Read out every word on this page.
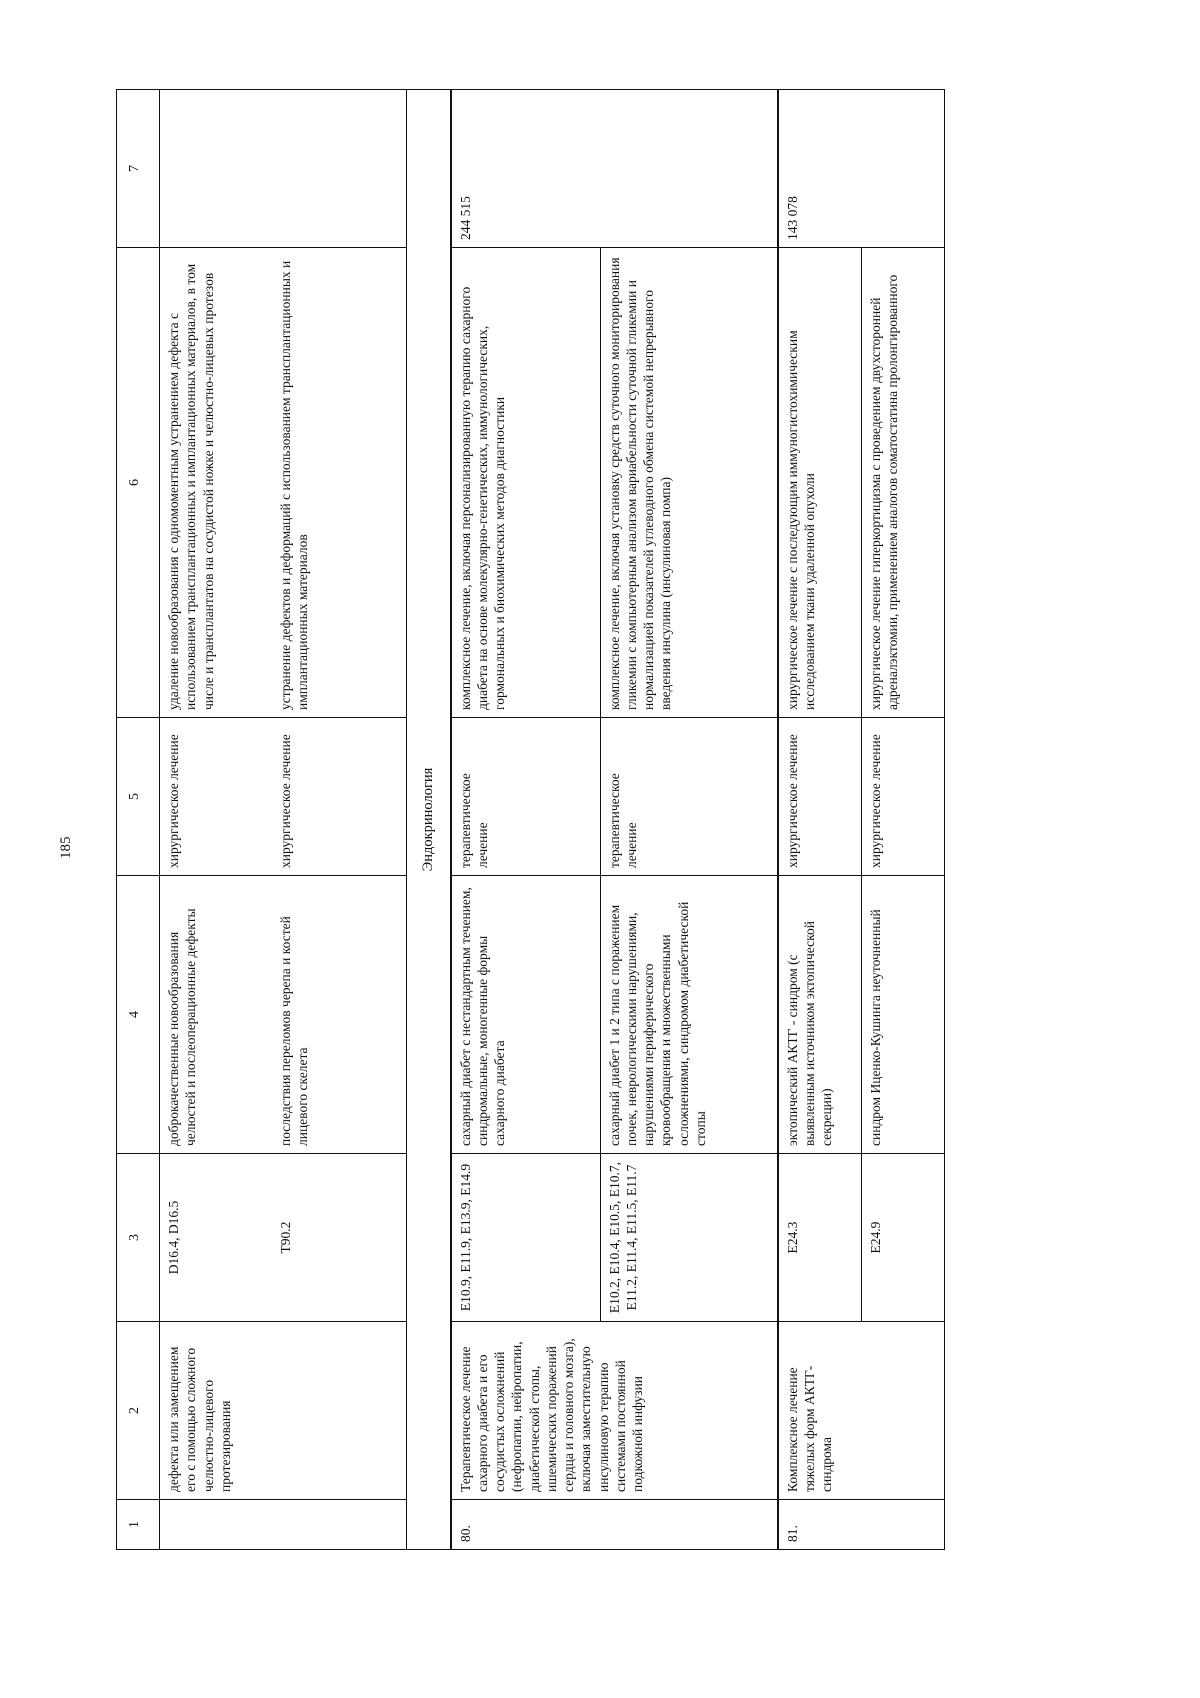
185
1	2	3	4	5	6	7
	дефекта или замещением его с помощью сложного челюстно-лицевого протезирования	D16.4, D16.5	доброкачественные новообразования челюстей и послеоперационные дефекты	хирургическое лечение	удаление новообразования с одномоментным устранением дефекта с использованием трансплантационных и имплантационных материалов, в том числе и трансплантатов на сосудистой ножке и челюстно-лицевых протезов	
		T90.2	последствия переломов черепа и костей лицевого скелета	хирургическое лечение	устранение дефектов и деформаций с использованием трансплантационных и имплантационных материалов	
Эндокринология						
80.	Терапевтическое лечение сахарного диабета и его сосудистых осложнений (нефропатии, нейропатии, диабетической стопы, ишемических поражений сердца и головного мозга), включая заместительную инсулиновую терапию системами постоянной подкожной инфузии	E10.9, E11.9, E13.9, E14.9	сахарный диабет с нестандартным течением, синдромальные, моногенные формы сахарного диабета	терапевтическое лечение	комплексное лечение, включая персонализированную терапию сахарного диабета на основе молекулярно-генетических, иммунологических, гормональных и биохимических методов диагностики	244 515
		E10.2, E10.4, E10.5, E10.7, E11.2, E11.4, E11.5, E11.7	сахарный диабет 1 и 2 типа с поражением почек, неврологическими нарушениями, нарушениями периферического кровообращения и множественными осложнениями, синдромом диабетической стопы	терапевтическое лечение	комплексное лечение, включая установку средств суточного мониторирования гликемии с компьютерным анализом вариабельности суточной гликемии и нормализацией показателей углеводного обмена системой непрерывного введения инсулина (инсулиновая помпа)	
81.	Комплексное лечение тяжелых форм АКТГ-синдрома	E24.3	эктопический АКТГ - синдром (с выявленным источником эктопической секреции)	хирургическое лечение	хирургическое лечение с последующим иммуногистохимическим исследованием ткани удаленной опухоли	143 078
		E24.9	синдром Иценко-Кушинга неуточненный	хирургическое лечение	хирургическое лечение гиперкортицизма с проведением двухсторонней адреналэктомии, применением аналогов соматостатина пролонгированного	
